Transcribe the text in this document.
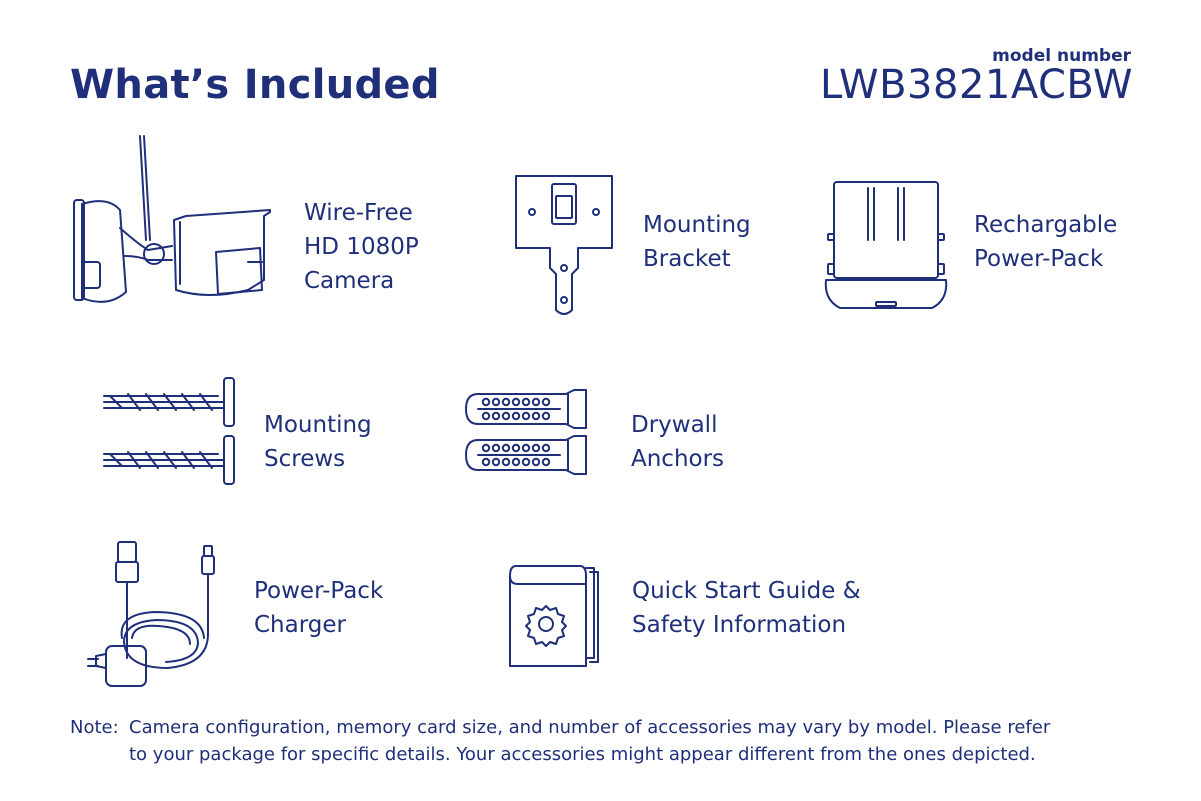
What’s Included
model number
LWB3821ACBW
Wire-Free
HD 1080P
Camera
Mounting
Bracket
Rechargable
Power-Pack
Mounting
Screws
Drywall
Anchors
Power-Pack
Charger
Quick Start Guide &
Safety Information
Note: Camera configuration, memory card size, and number of accessories may vary by model. Please refer
to your package for specific details. Your accessories might appear different from the ones depicted.
